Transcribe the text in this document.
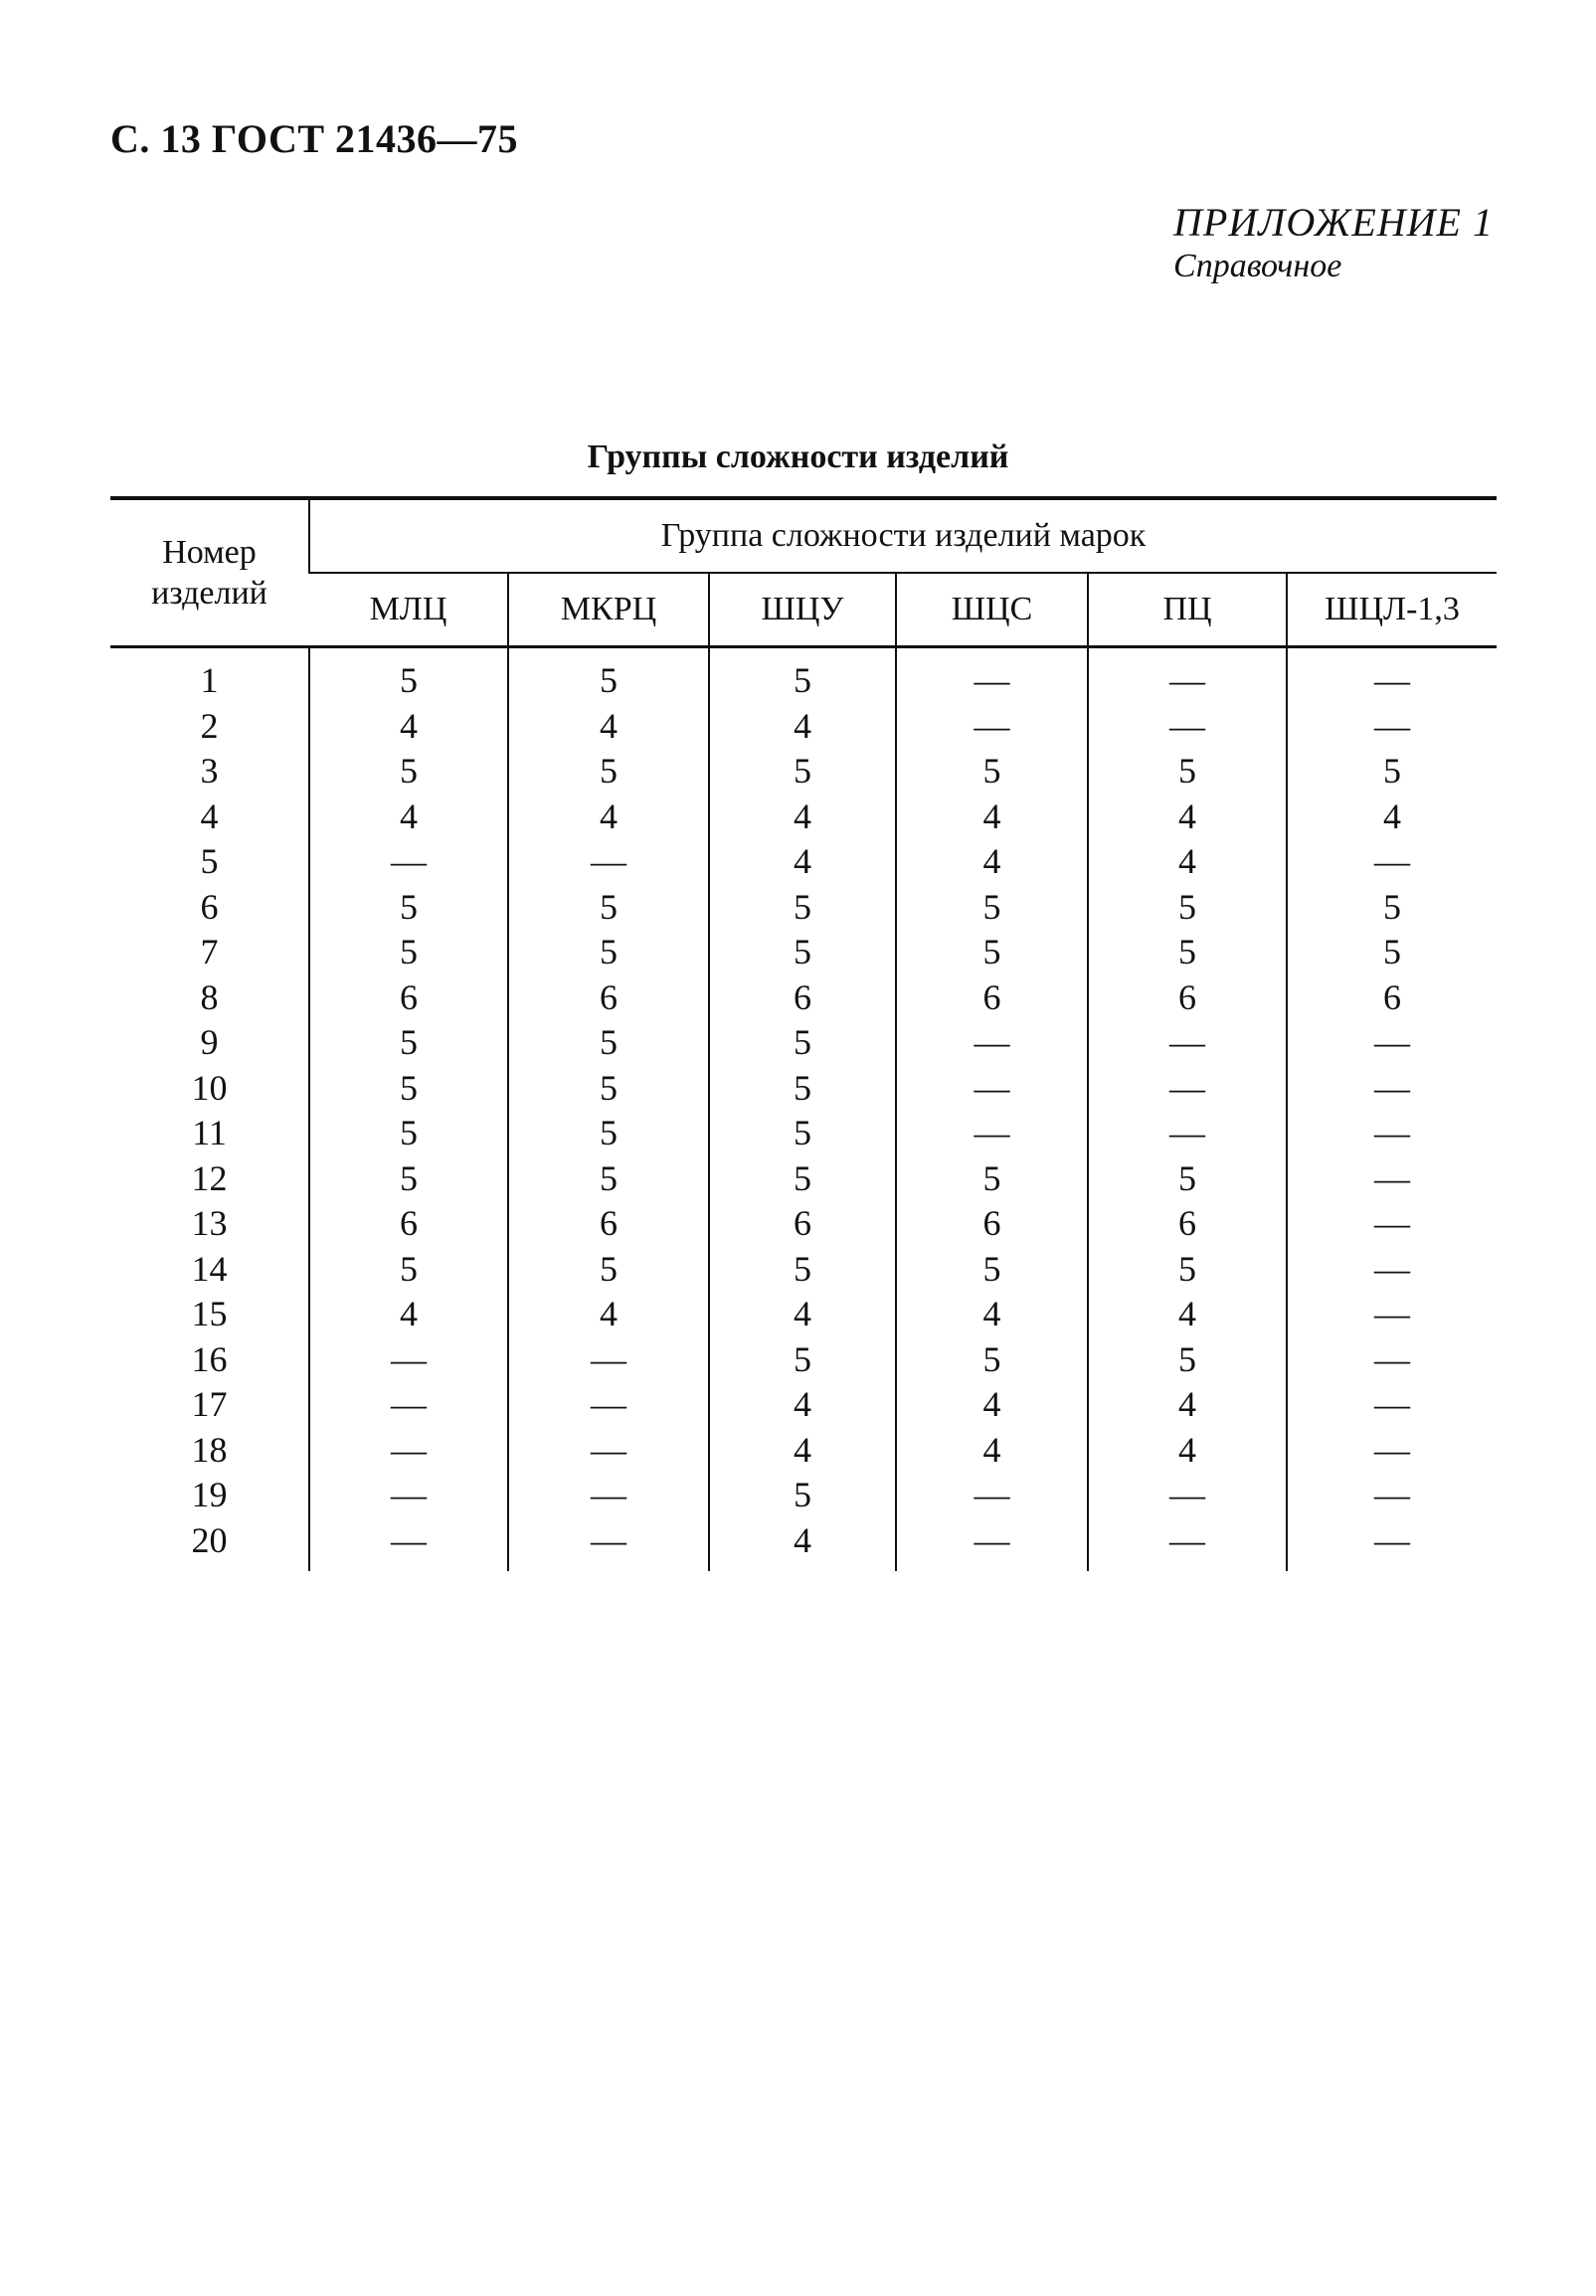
С. 13 ГОСТ 21436—75
ПРИЛОЖЕНИЕ 1
Справочное
Группы сложности изделий
Номер
изделий	Группа сложности изделий марок					
	МЛЦ	МКРЦ	ШЦУ	ШЦС	ПЦ	ШЦЛ-1,3
1	5	5	5	—	—	—
2	4	4	4	—	—	—
3	5	5	5	5	5	5
4	4	4	4	4	4	4
5	—	—	4	4	4	—
6	5	5	5	5	5	5
7	5	5	5	5	5	5
8	6	6	6	6	6	6
9	5	5	5	—	—	—
10	5	5	5	—	—	—
11	5	5	5	—	—	—
12	5	5	5	5	5	—
13	6	6	6	6	6	—
14	5	5	5	5	5	—
15	4	4	4	4	4	—
16	—	—	5	5	5	—
17	—	—	4	4	4	—
18	—	—	4	4	4	—
19	—	—	5	—	—	—
20	—	—	4	—	—	—
